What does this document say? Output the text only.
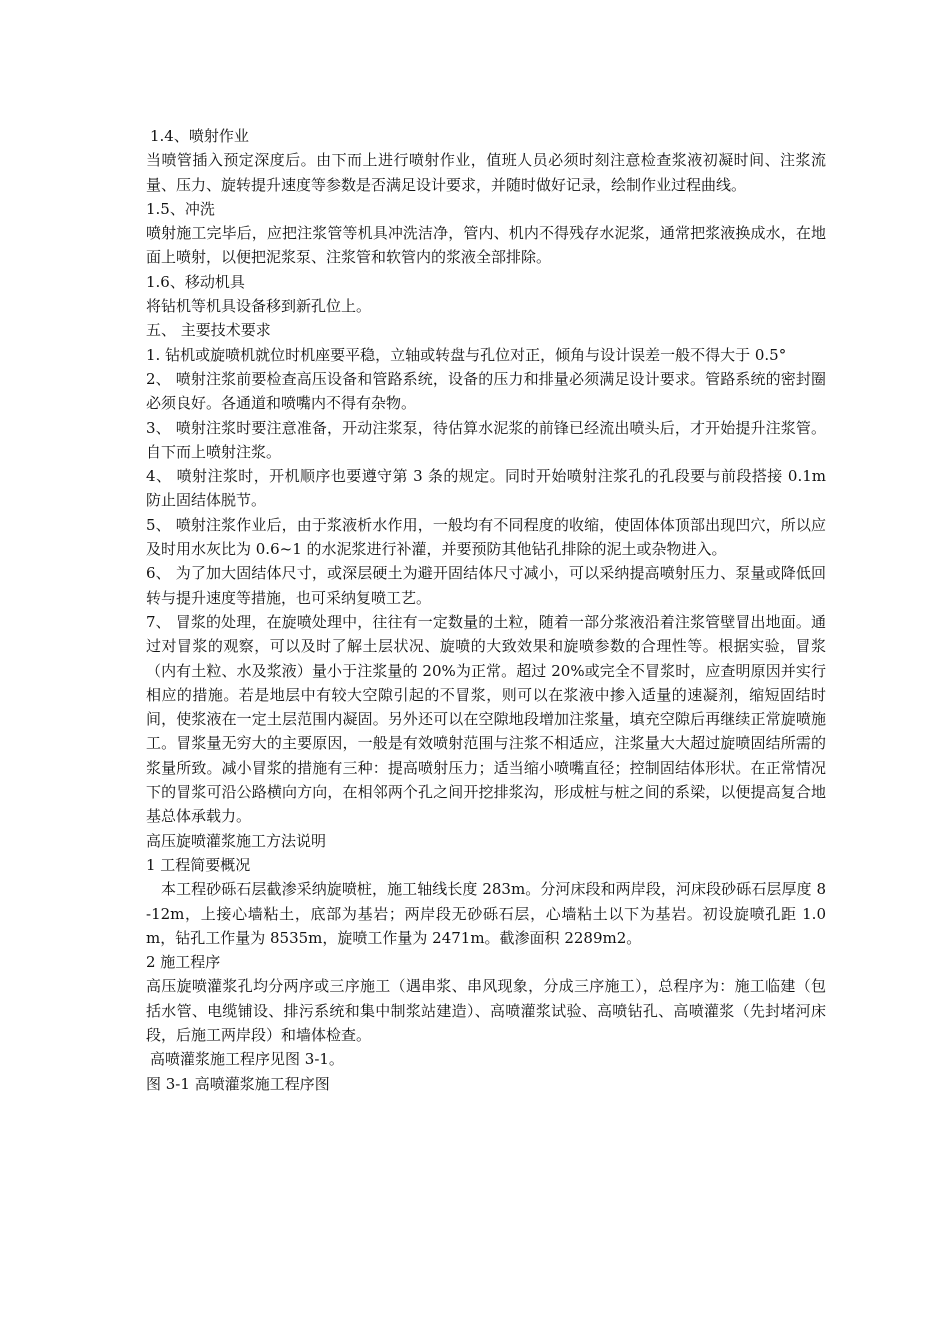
1.4、喷射作业

当喷管插入预定深度后。由下而上进行喷射作业，值班人员必须时刻注意检查浆液初凝时间、注浆流量、压力、旋转提升速度等参数是否满足设计要求，并随时做好记录，绘制作业过程曲线。

1.5、冲洗

喷射施工完毕后，应把注浆管等机具冲洗洁净，管内、机内不得残存水泥浆，通常把浆液换成水，在地面上喷射，以便把泥浆泵、注浆管和软管内的浆液全部排除。

1.6、移动机具

将钻机等机具设备移到新孔位上。

五、 主要技术要求

1. 钻机或旋喷机就位时机座要平稳，立轴或转盘与孔位对正，倾角与设计误差一般不得大于 0.5°

2、 喷射注浆前要检查高压设备和管路系统，设备的压力和排量必须满足设计要求。管路系统的密封圈必须良好。各通道和喷嘴内不得有杂物。

3、 喷射注浆时要注意准备，开动注浆泵，待估算水泥浆的前锋已经流出喷头后，才开始提升注浆管。自下而上喷射注浆。

4、 喷射注浆时，开机顺序也要遵守第 3 条的规定。同时开始喷射注浆孔的孔段要与前段搭接 0.1m 防止固结体脱节。

5、 喷射注浆作业后，由于浆液析水作用，一般均有不同程度的收缩，使固体体顶部出现凹穴，所以应及时用水灰比为 0.6~1 的水泥浆进行补灌，并要预防其他钻孔排除的泥土或杂物进入。

6、 为了加大固结体尺寸，或深层硬土为避开固结体尺寸减小，可以采纳提高喷射压力、泵量或降低回转与提升速度等措施，也可采纳复喷工艺。

7、 冒浆的处理，在旋喷处理中，往往有一定数量的土粒，随着一部分浆液沿着注浆管壁冒出地面。通过对冒浆的观察，可以及时了解土层状况、旋喷的大致效果和旋喷参数的合理性等。根据实验，冒浆（内有土粒、水及浆液）量小于注浆量的 20%为正常。超过 20%或完全不冒浆时，应查明原因并实行相应的措施。若是地层中有较大空隙引起的不冒浆，则可以在浆液中掺入适量的速凝剂，缩短固结时间，使浆液在一定土层范围内凝固。另外还可以在空隙地段增加注浆量，填充空隙后再继续正常旋喷施工。冒浆量无穷大的主要原因，一般是有效喷射范围与注浆不相适应，注浆量大大超过旋喷固结所需的浆量所致。减小冒浆的措施有三种：提高喷射压力；适当缩小喷嘴直径；控制固结体形状。在正常情况下的冒浆可沿公路横向方向，在相邻两个孔之间开挖排浆沟，形成桩与桩之间的系梁，以便提高复合地基总体承载力。

高压旋喷灌浆施工方法说明

1 工程简要概况

本工程砂砾石层截渗采纳旋喷桩，施工轴线长度 283m。分河床段和两岸段，河床段砂砾石层厚度 8-12m，上接心墙粘土，底部为基岩；两岸段无砂砾石层，心墙粘土以下为基岩。初设旋喷孔距 1.0m，钻孔工作量为 8535m，旋喷工作量为 2471m。截渗面积 2289m2。

2 施工程序

高压旋喷灌浆孔均分两序或三序施工（遇串浆、串风现象，分成三序施工），总程序为：施工临建（包括水管、电缆铺设、排污系统和集中制浆站建造）、高喷灌浆试验、高喷钻孔、高喷灌浆（先封堵河床段，后施工两岸段）和墙体检查。

高喷灌浆施工程序见图 3-1。

图 3-1 高喷灌浆施工程序图
